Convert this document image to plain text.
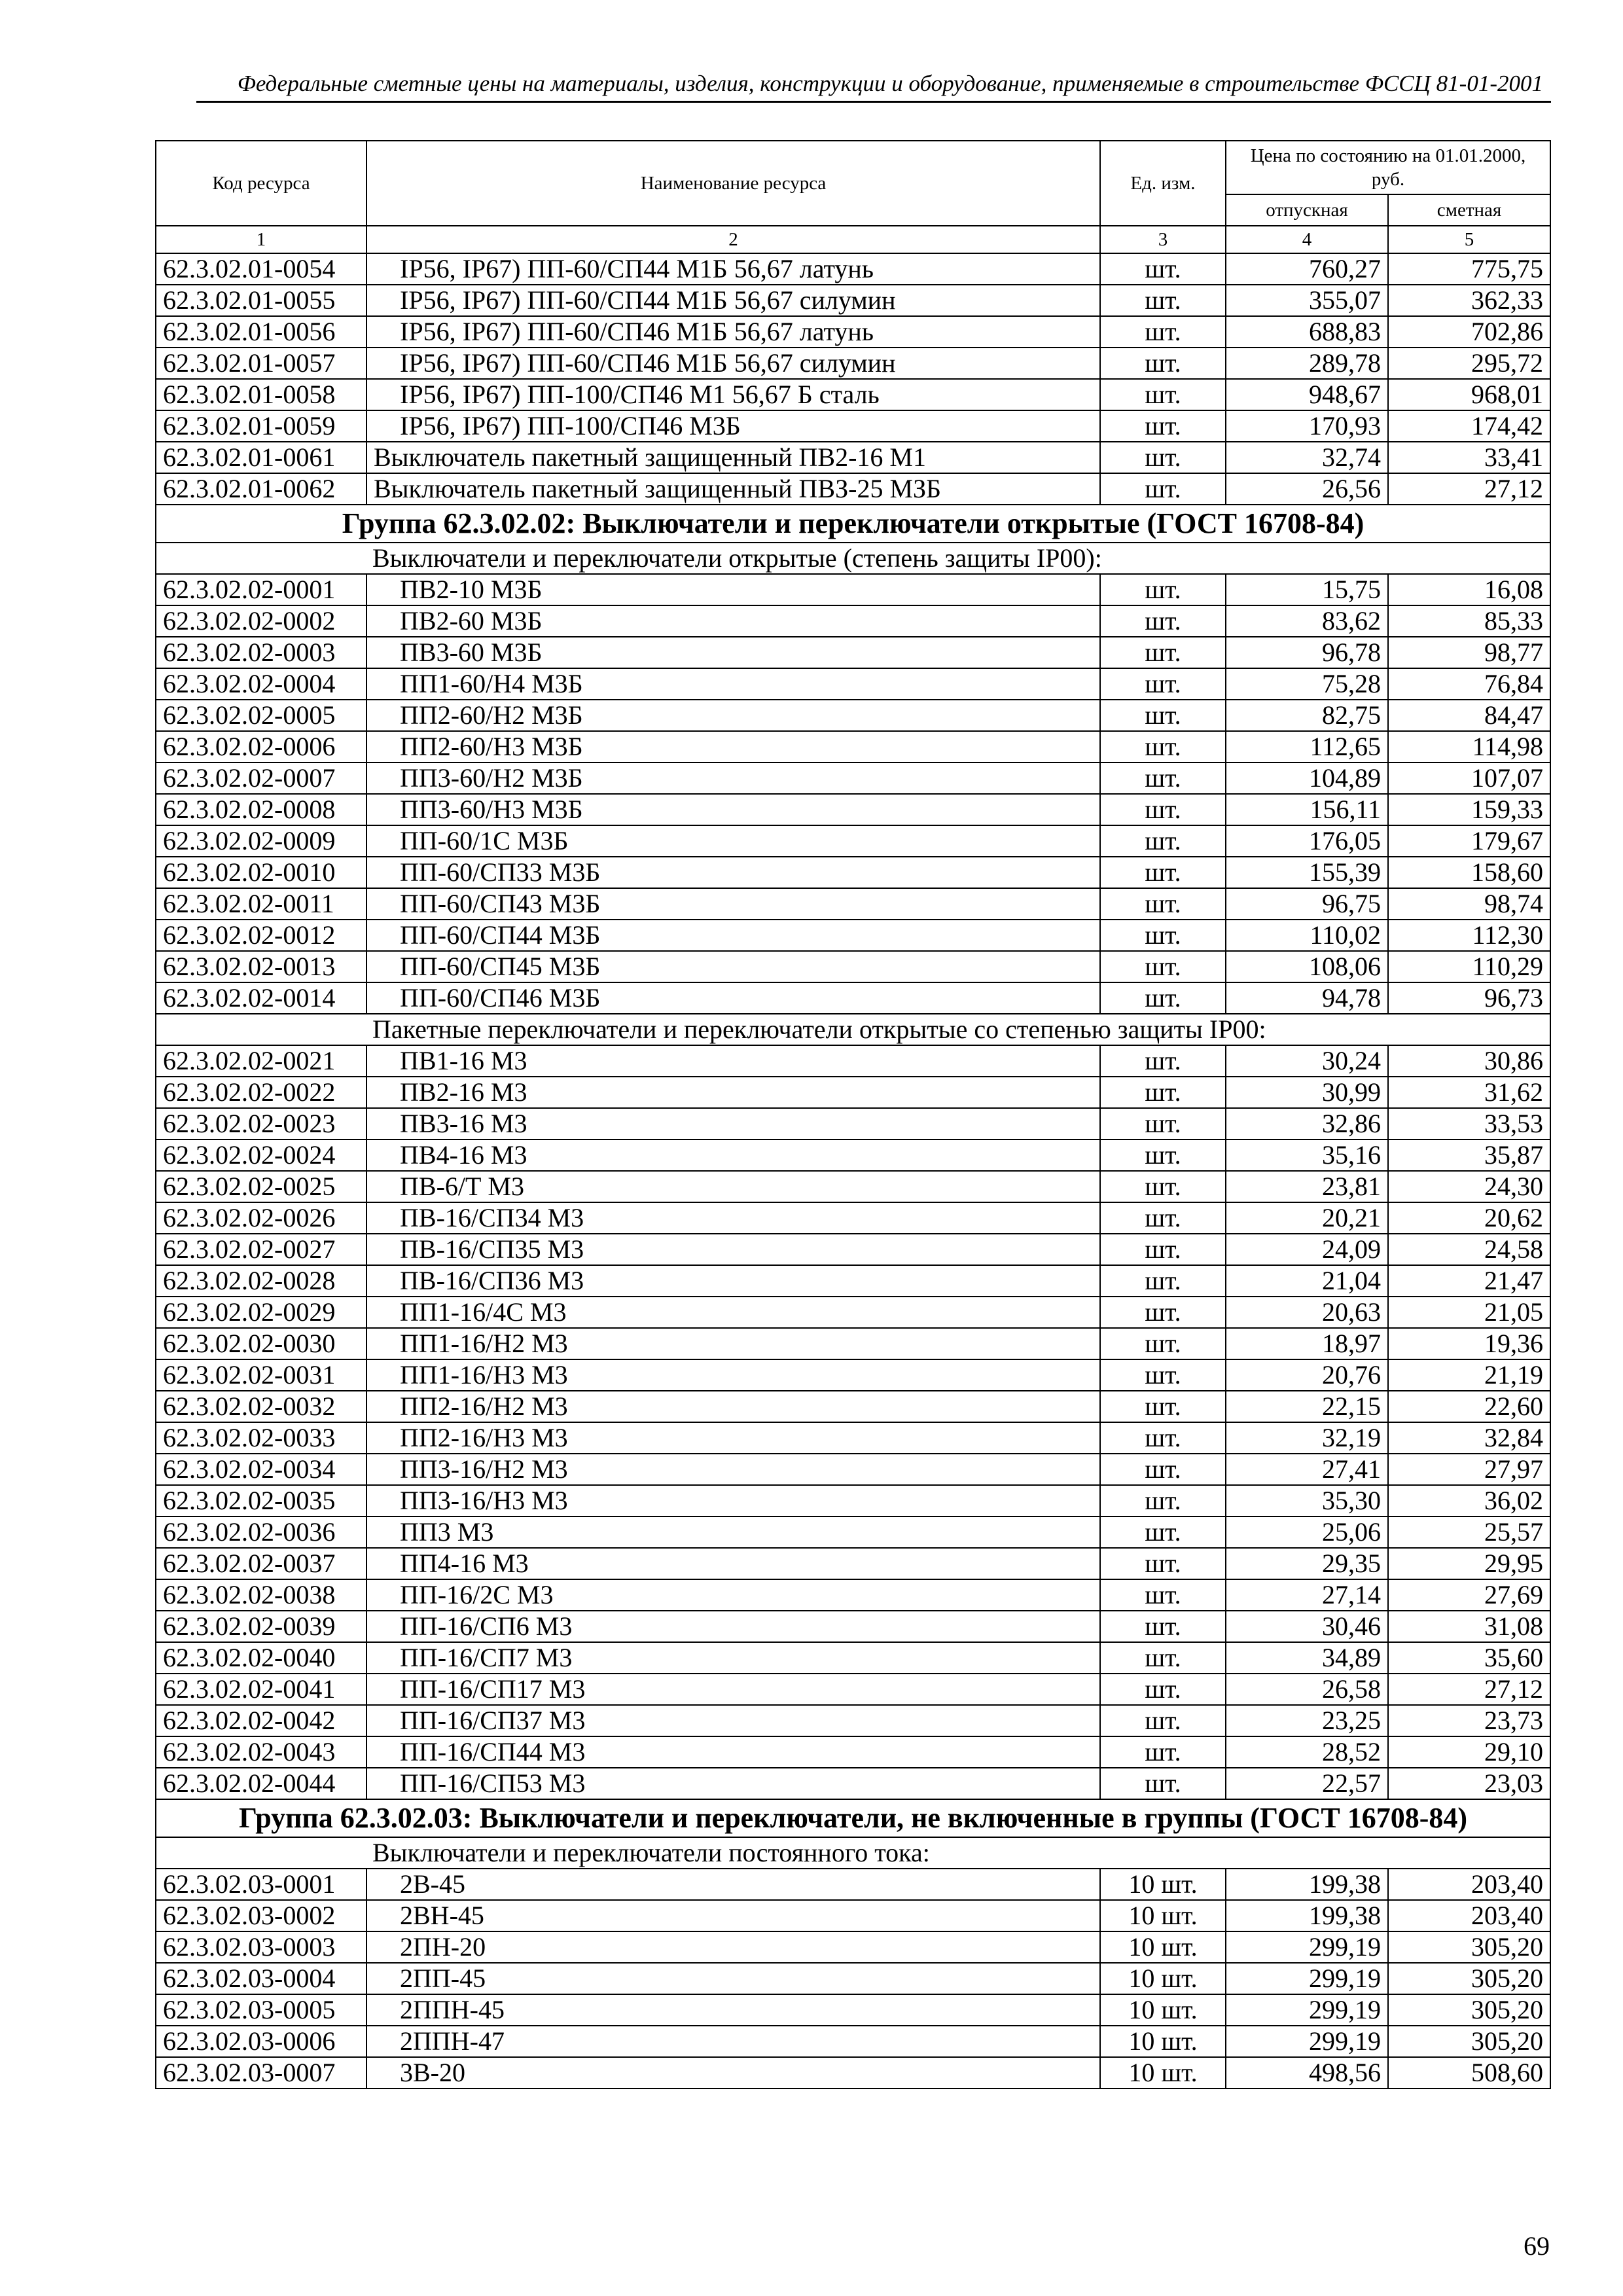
Федеральные сметные цены на материалы, изделия, конструкции и оборудование, применяемые в строительстве ФССЦ 81-01-2001
Код ресурса	Наименование ресурса	Ед. изм.	Цена по состоянию на 01.01.2000, руб.	
			отпускная	сметная
1	2	3	4	5
62.3.02.01-0054	IP56, IP67) ПП-60/СП44 М1Б 56,67 латунь	шт.	760,27	775,75
62.3.02.01-0055	IP56, IP67) ПП-60/СП44 М1Б 56,67 силумин	шт.	355,07	362,33
62.3.02.01-0056	IP56, IP67) ПП-60/СП46 М1Б 56,67 латунь	шт.	688,83	702,86
62.3.02.01-0057	IP56, IP67) ПП-60/СП46 М1Б 56,67 силумин	шт.	289,78	295,72
62.3.02.01-0058	IP56, IP67) ПП-100/СП46 М1 56,67 Б сталь	шт.	948,67	968,01
62.3.02.01-0059	IP56, IP67) ПП-100/СП46 М3Б	шт.	170,93	174,42
62.3.02.01-0061	Выключатель пакетный защищенный ПВ2-16 М1	шт.	32,74	33,41
62.3.02.01-0062	Выключатель пакетный защищенный ПВЗ-25 МЗБ	шт.	26,56	27,12
Группа 62.3.02.02: Выключатели и переключатели открытые (ГОСТ 16708-84)				
Выключатели и переключатели открытые (степень защиты IP00):				
62.3.02.02-0001	ПВ2-10 М3Б	шт.	15,75	16,08
62.3.02.02-0002	ПВ2-60 М3Б	шт.	83,62	85,33
62.3.02.02-0003	ПВ3-60 М3Б	шт.	96,78	98,77
62.3.02.02-0004	ПП1-60/Н4 М3Б	шт.	75,28	76,84
62.3.02.02-0005	ПП2-60/Н2 М3Б	шт.	82,75	84,47
62.3.02.02-0006	ПП2-60/Н3 М3Б	шт.	112,65	114,98
62.3.02.02-0007	ПП3-60/Н2 М3Б	шт.	104,89	107,07
62.3.02.02-0008	ПП3-60/Н3 М3Б	шт.	156,11	159,33
62.3.02.02-0009	ПП-60/1С М3Б	шт.	176,05	179,67
62.3.02.02-0010	ПП-60/СП33 М3Б	шт.	155,39	158,60
62.3.02.02-0011	ПП-60/СП43 М3Б	шт.	96,75	98,74
62.3.02.02-0012	ПП-60/СП44 М3Б	шт.	110,02	112,30
62.3.02.02-0013	ПП-60/СП45 М3Б	шт.	108,06	110,29
62.3.02.02-0014	ПП-60/СП46 М3Б	шт.	94,78	96,73
Пакетные переключатели и переключатели открытые со степенью защиты IP00:				
62.3.02.02-0021	ПВ1-16 М3	шт.	30,24	30,86
62.3.02.02-0022	ПВ2-16 М3	шт.	30,99	31,62
62.3.02.02-0023	ПВ3-16 М3	шт.	32,86	33,53
62.3.02.02-0024	ПВ4-16 М3	шт.	35,16	35,87
62.3.02.02-0025	ПВ-6/Т М3	шт.	23,81	24,30
62.3.02.02-0026	ПВ-16/СП34 М3	шт.	20,21	20,62
62.3.02.02-0027	ПВ-16/СП35 М3	шт.	24,09	24,58
62.3.02.02-0028	ПВ-16/СП36 М3	шт.	21,04	21,47
62.3.02.02-0029	ПП1-16/4С М3	шт.	20,63	21,05
62.3.02.02-0030	ПП1-16/Н2 М3	шт.	18,97	19,36
62.3.02.02-0031	ПП1-16/Н3 М3	шт.	20,76	21,19
62.3.02.02-0032	ПП2-16/Н2 М3	шт.	22,15	22,60
62.3.02.02-0033	ПП2-16/Н3 М3	шт.	32,19	32,84
62.3.02.02-0034	ПП3-16/Н2 М3	шт.	27,41	27,97
62.3.02.02-0035	ПП3-16/Н3 М3	шт.	35,30	36,02
62.3.02.02-0036	ПП3 М3	шт.	25,06	25,57
62.3.02.02-0037	ПП4-16 М3	шт.	29,35	29,95
62.3.02.02-0038	ПП-16/2С М3	шт.	27,14	27,69
62.3.02.02-0039	ПП-16/СП6 М3	шт.	30,46	31,08
62.3.02.02-0040	ПП-16/СП7 М3	шт.	34,89	35,60
62.3.02.02-0041	ПП-16/СП17 М3	шт.	26,58	27,12
62.3.02.02-0042	ПП-16/СП37 М3	шт.	23,25	23,73
62.3.02.02-0043	ПП-16/СП44 М3	шт.	28,52	29,10
62.3.02.02-0044	ПП-16/СП53 М3	шт.	22,57	23,03
Группа 62.3.02.03: Выключатели и переключатели, не включенные в группы (ГОСТ 16708-84)				
Выключатели и переключатели постоянного тока:				
62.3.02.03-0001	2В-45	10 шт.	199,38	203,40
62.3.02.03-0002	2ВН-45	10 шт.	199,38	203,40
62.3.02.03-0003	2ПН-20	10 шт.	299,19	305,20
62.3.02.03-0004	2ПП-45	10 шт.	299,19	305,20
62.3.02.03-0005	2ППН-45	10 шт.	299,19	305,20
62.3.02.03-0006	2ППН-47	10 шт.	299,19	305,20
62.3.02.03-0007	3В-20	10 шт.	498,56	508,60
69
